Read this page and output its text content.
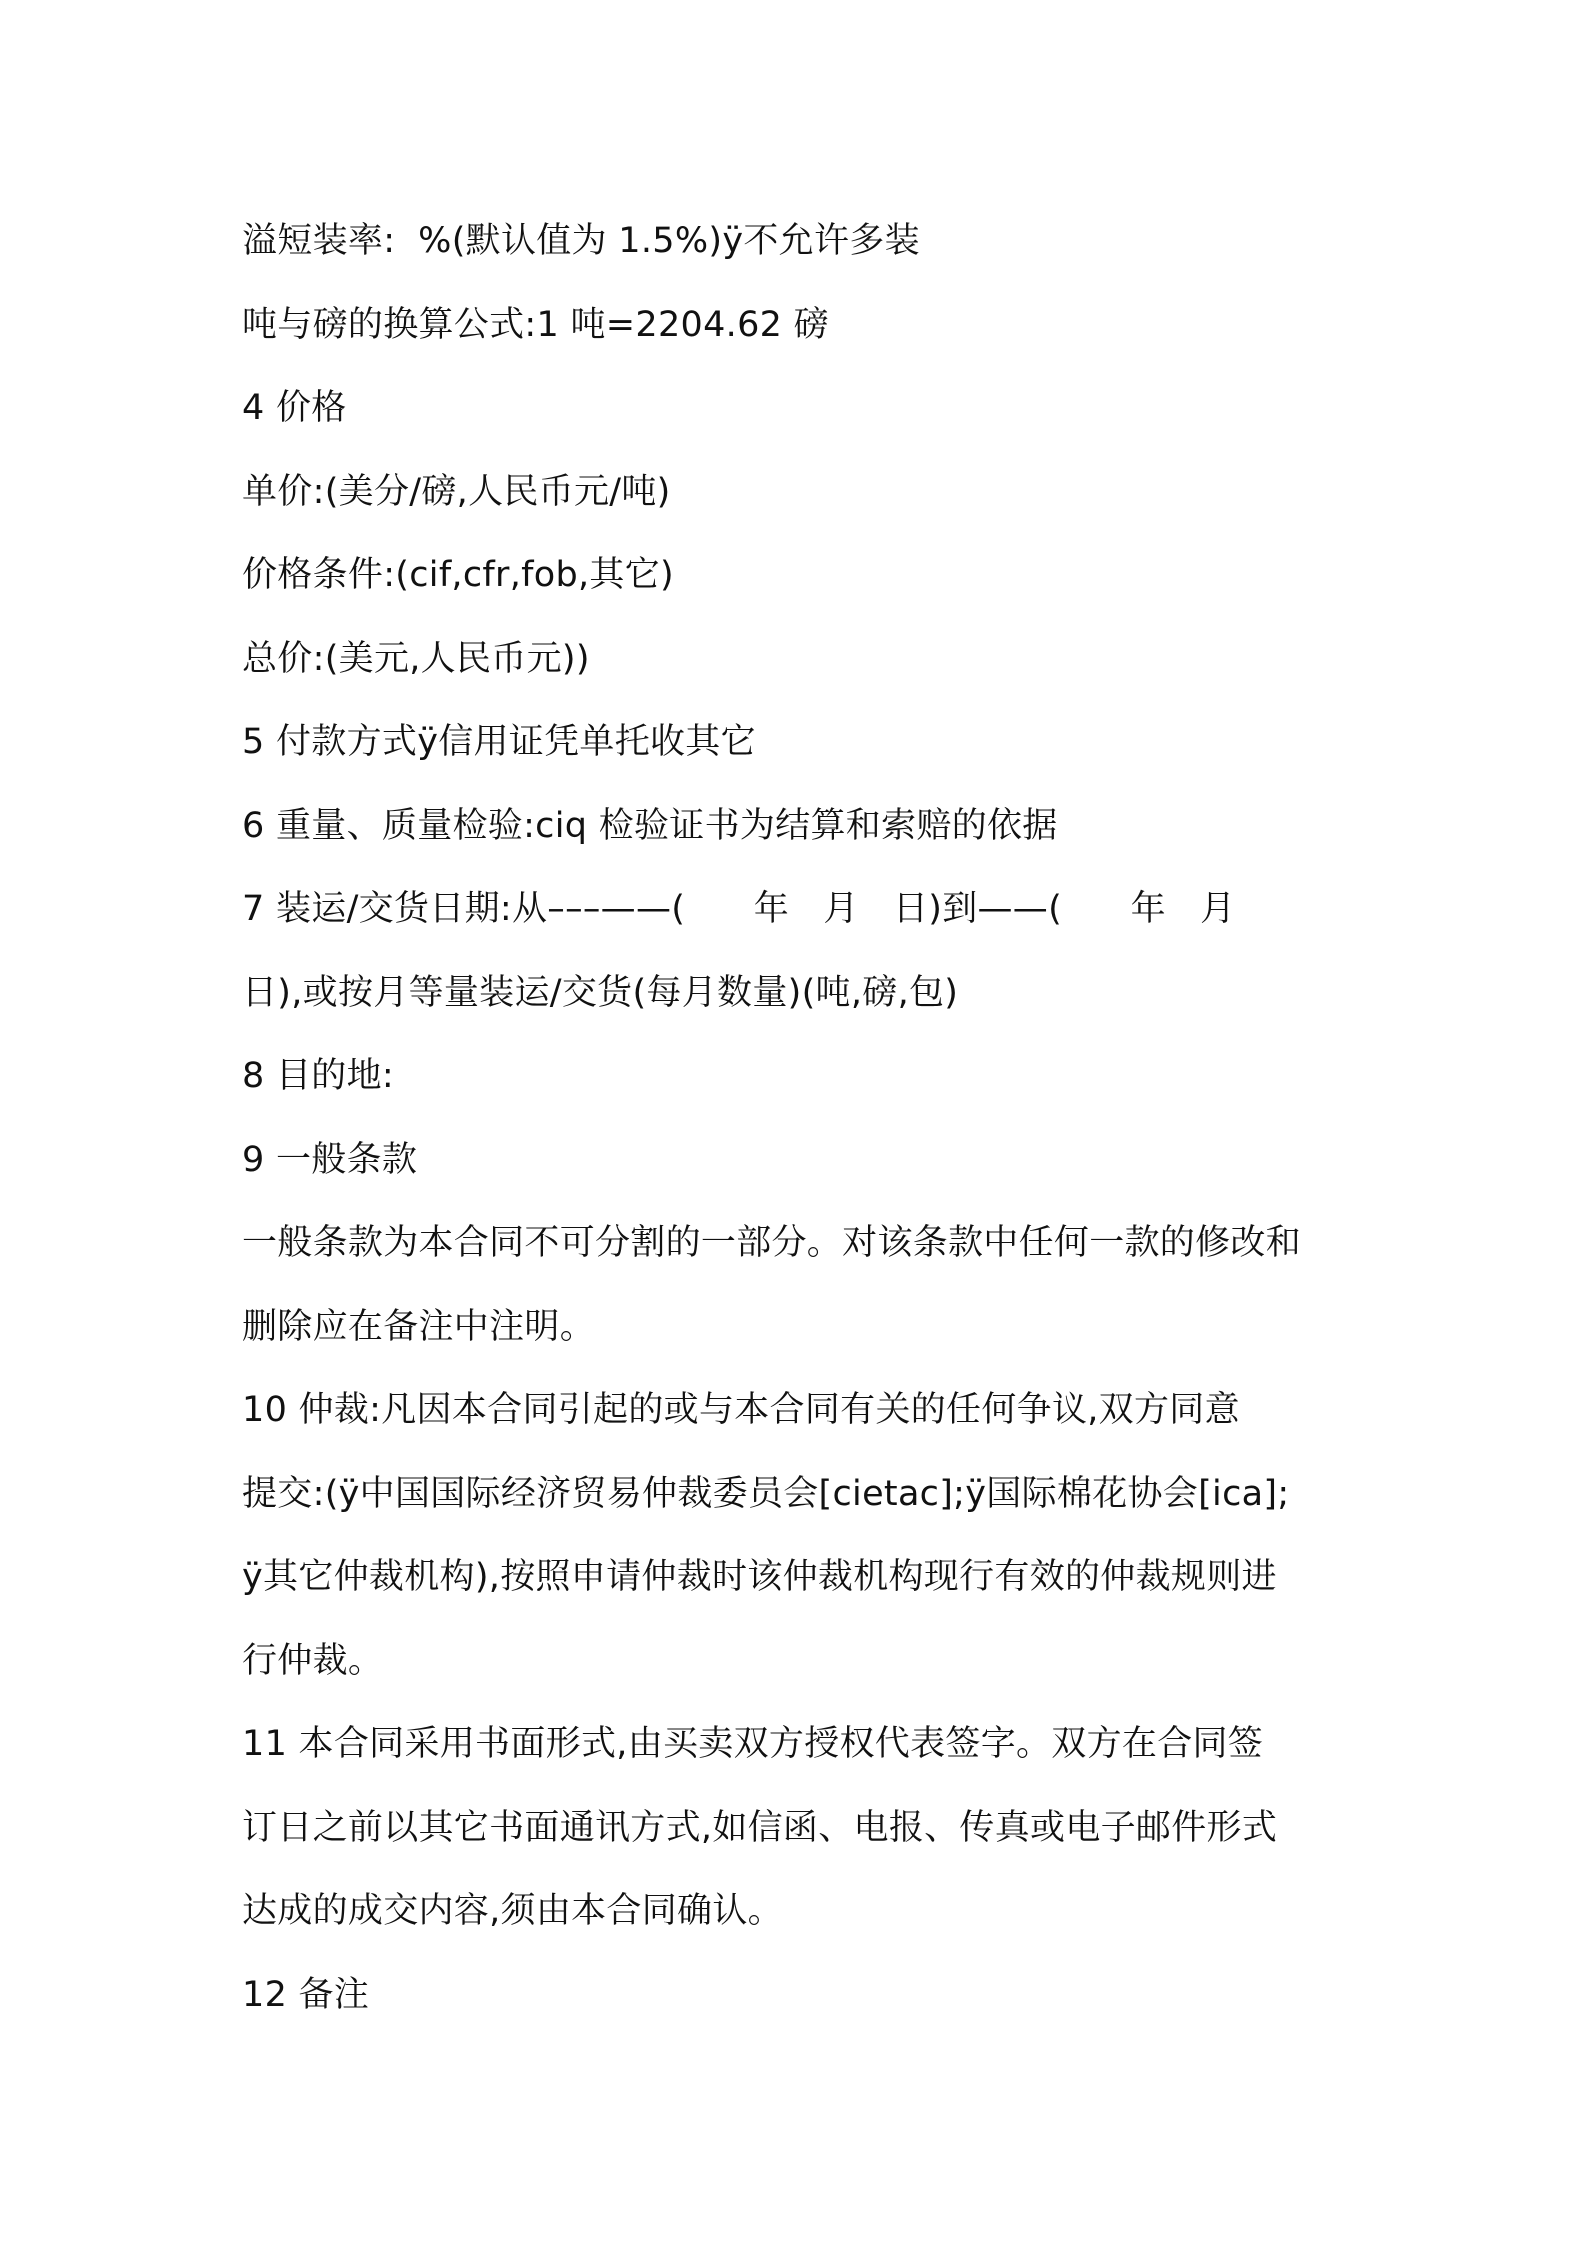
溢短装率:  %(默认值为 1.5%)ÿ不允许多装
吨与磅的换算公式:1 吨=2204.62 磅
4 价格
单价:(美分/磅,人民币元/吨)
价格条件:(cif,cfr,fob,其它)
总价:(美元,人民币元))
5 付款方式ÿ信用证凭单托收其它
6 重量、质量检验:ciq 检验证书为结算和索赔的依据
7 装运/交货日期:从–––——(      年   月   日)到——(      年   月
日),或按月等量装运/交货(每月数量)(吨,磅,包)
8 目的地:
9 一般条款
一般条款为本合同不可分割的一部分。对该条款中任何一款的修改和
删除应在备注中注明。
10 仲裁:凡因本合同引起的或与本合同有关的任何争议,双方同意
提交:(ÿ中国国际经济贸易仲裁委员会[cietac];ÿ国际棉花协会[ica];
ÿ其它仲裁机构),按照申请仲裁时该仲裁机构现行有效的仲裁规则进
行仲裁。
11 本合同采用书面形式,由买卖双方授权代表签字。双方在合同签
订日之前以其它书面通讯方式,如信函、电报、传真或电子邮件形式
达成的成交内容,须由本合同确认。
12 备注
